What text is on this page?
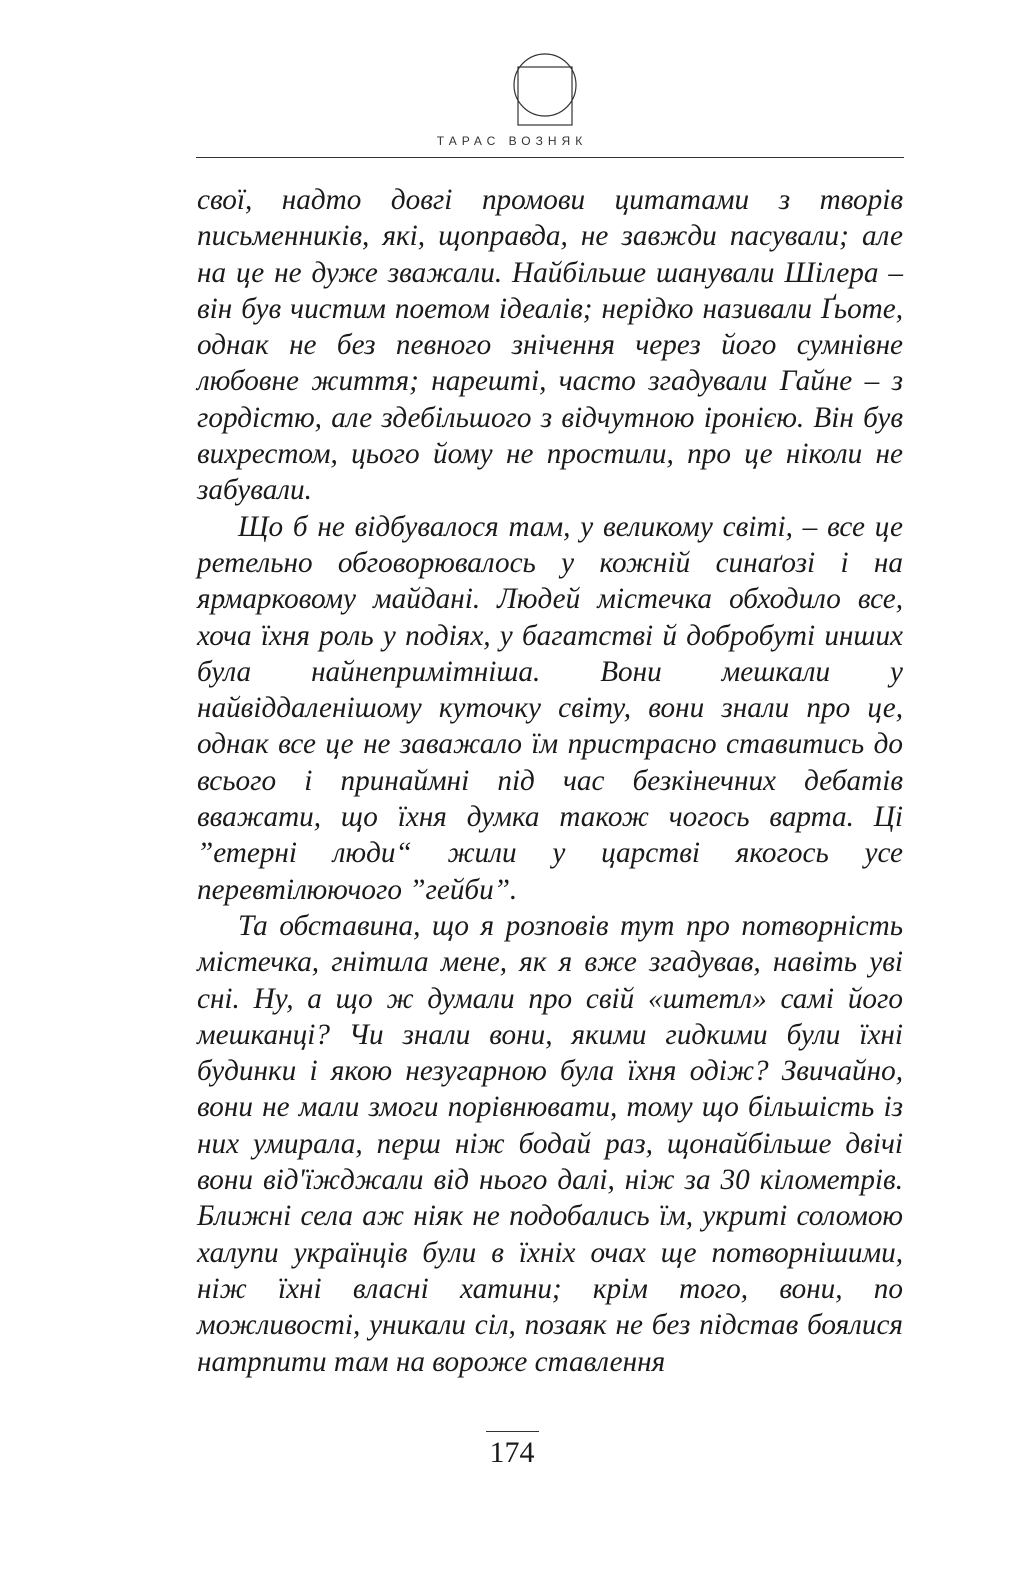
ТАРАС ВОЗНЯК

свої, надто довгі промови цитатами з творів письменників, які, щоправда, не завжди пасували; але на це не дуже зважали. Найбільше шанували Шілера – він був чистим поетом ідеалів; нерідко називали Ґьоте, однак не без певного знічення через його сумнівне любовне життя; нарешті, часто згадували Гайне – з гордістю, але здебільшого з відчутною іронією. Він був вихрестом, цього йому не простили, про це ніколи не забували.

Що б не відбувалося там, у великому світі, – все це ретельно обговорювалось у кожній синаґозі і на ярмарковому майдані. Людей містечка обходило все, хоча їхня роль у подіях, у багатстві й добробуті инших була найнепримітніша. Вони мешкали у найвіддаленішому куточку світу, вони знали про це, однак все це не заважало їм пристрасно ставитись до всього і принаймні під час безкінечних дебатів вважати, що їхня думка також чогось варта. Ці ”етерні люди“ жили у царстві якогось усе перевтілюючого ”гейби”.

Та обставина, що я розповів тут про потворність містечка, гнітила мене, як я вже згадував, навіть уві сні. Ну, а що ж думали про свій «штетл» самі його мешканці? Чи знали вони, якими гидкими були їхні будинки і якою незугарною була їхня одіж? Звичайно, вони не мали змоги порівнювати, тому що більшість із них умирала, перш ніж бодай раз, щонайбільше двічі вони від'їжджали від нього далі, ніж за 30 кілометрів. Ближні села аж ніяк не подобались їм, укриті соломою халупи українців були в їхніх очах ще потворнішими, ніж їхні власні хатини; крім того, вони, по можливості, уникали сіл, позаяк не без підстав боялися натрпити там на вороже ставлення

174
